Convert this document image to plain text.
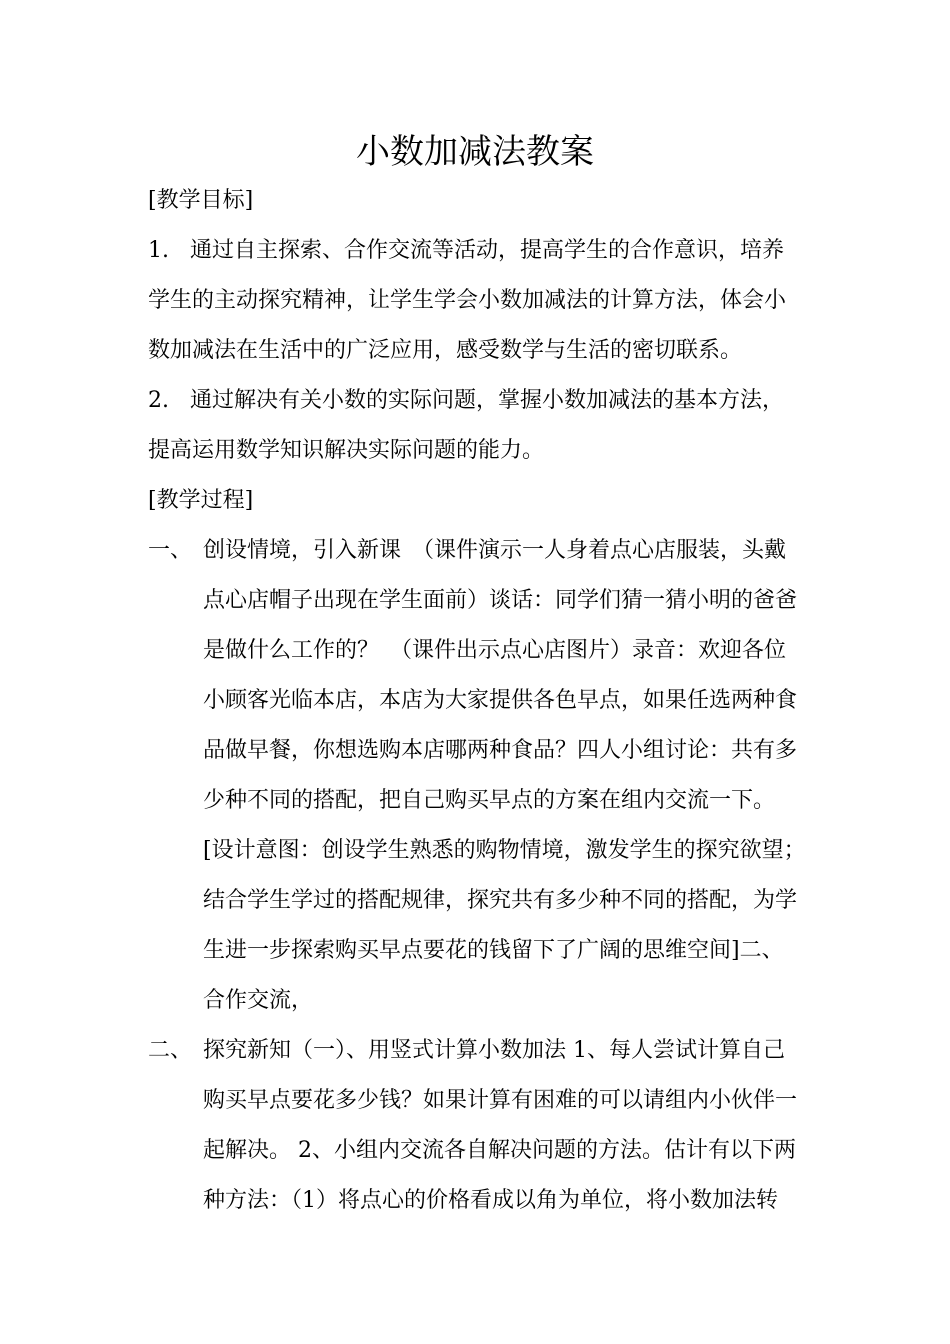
小数加减法教案

[教学目标]

1. 通过自主探索、合作交流等活动，提高学生的合作意识，培养

学生的主动探究精神，让学生学会小数加减法的计算方法，体会小

数加减法在生活中的广泛应用，感受数学与生活的密切联系。

2. 通过解决有关小数的实际问题，掌握小数加减法的基本方法，

提高运用数学知识解决实际问题的能力。

[教学过程]

一、 创设情境，引入新课　（课件演示一人身着点心店服装，头戴

点心店帽子出现在学生面前）谈话：同学们猜一猜小明的爸爸

是做什么工作的？　（课件出示点心店图片）录音：欢迎各位

小顾客光临本店，本店为大家提供各色早点，如果任选两种食

品做早餐，你想选购本店哪两种食品？四人小组讨论：共有多

少种不同的搭配，把自己购买早点的方案在组内交流一下。

[设计意图：创设学生熟悉的购物情境，激发学生的探究欲望；

结合学生学过的搭配规律，探究共有多少种不同的搭配，为学

生进一步探索购买早点要花的钱留下了广阔的思维空间]二、

合作交流，

二、 探究新知（一）、用竖式计算小数加法 1、每人尝试计算自己

购买早点要花多少钱？如果计算有困难的可以请组内小伙伴一

起解决。 2、小组内交流各自解决问题的方法。估计有以下两

种方法：（1）将点心的价格看成以角为单位，将小数加法转
